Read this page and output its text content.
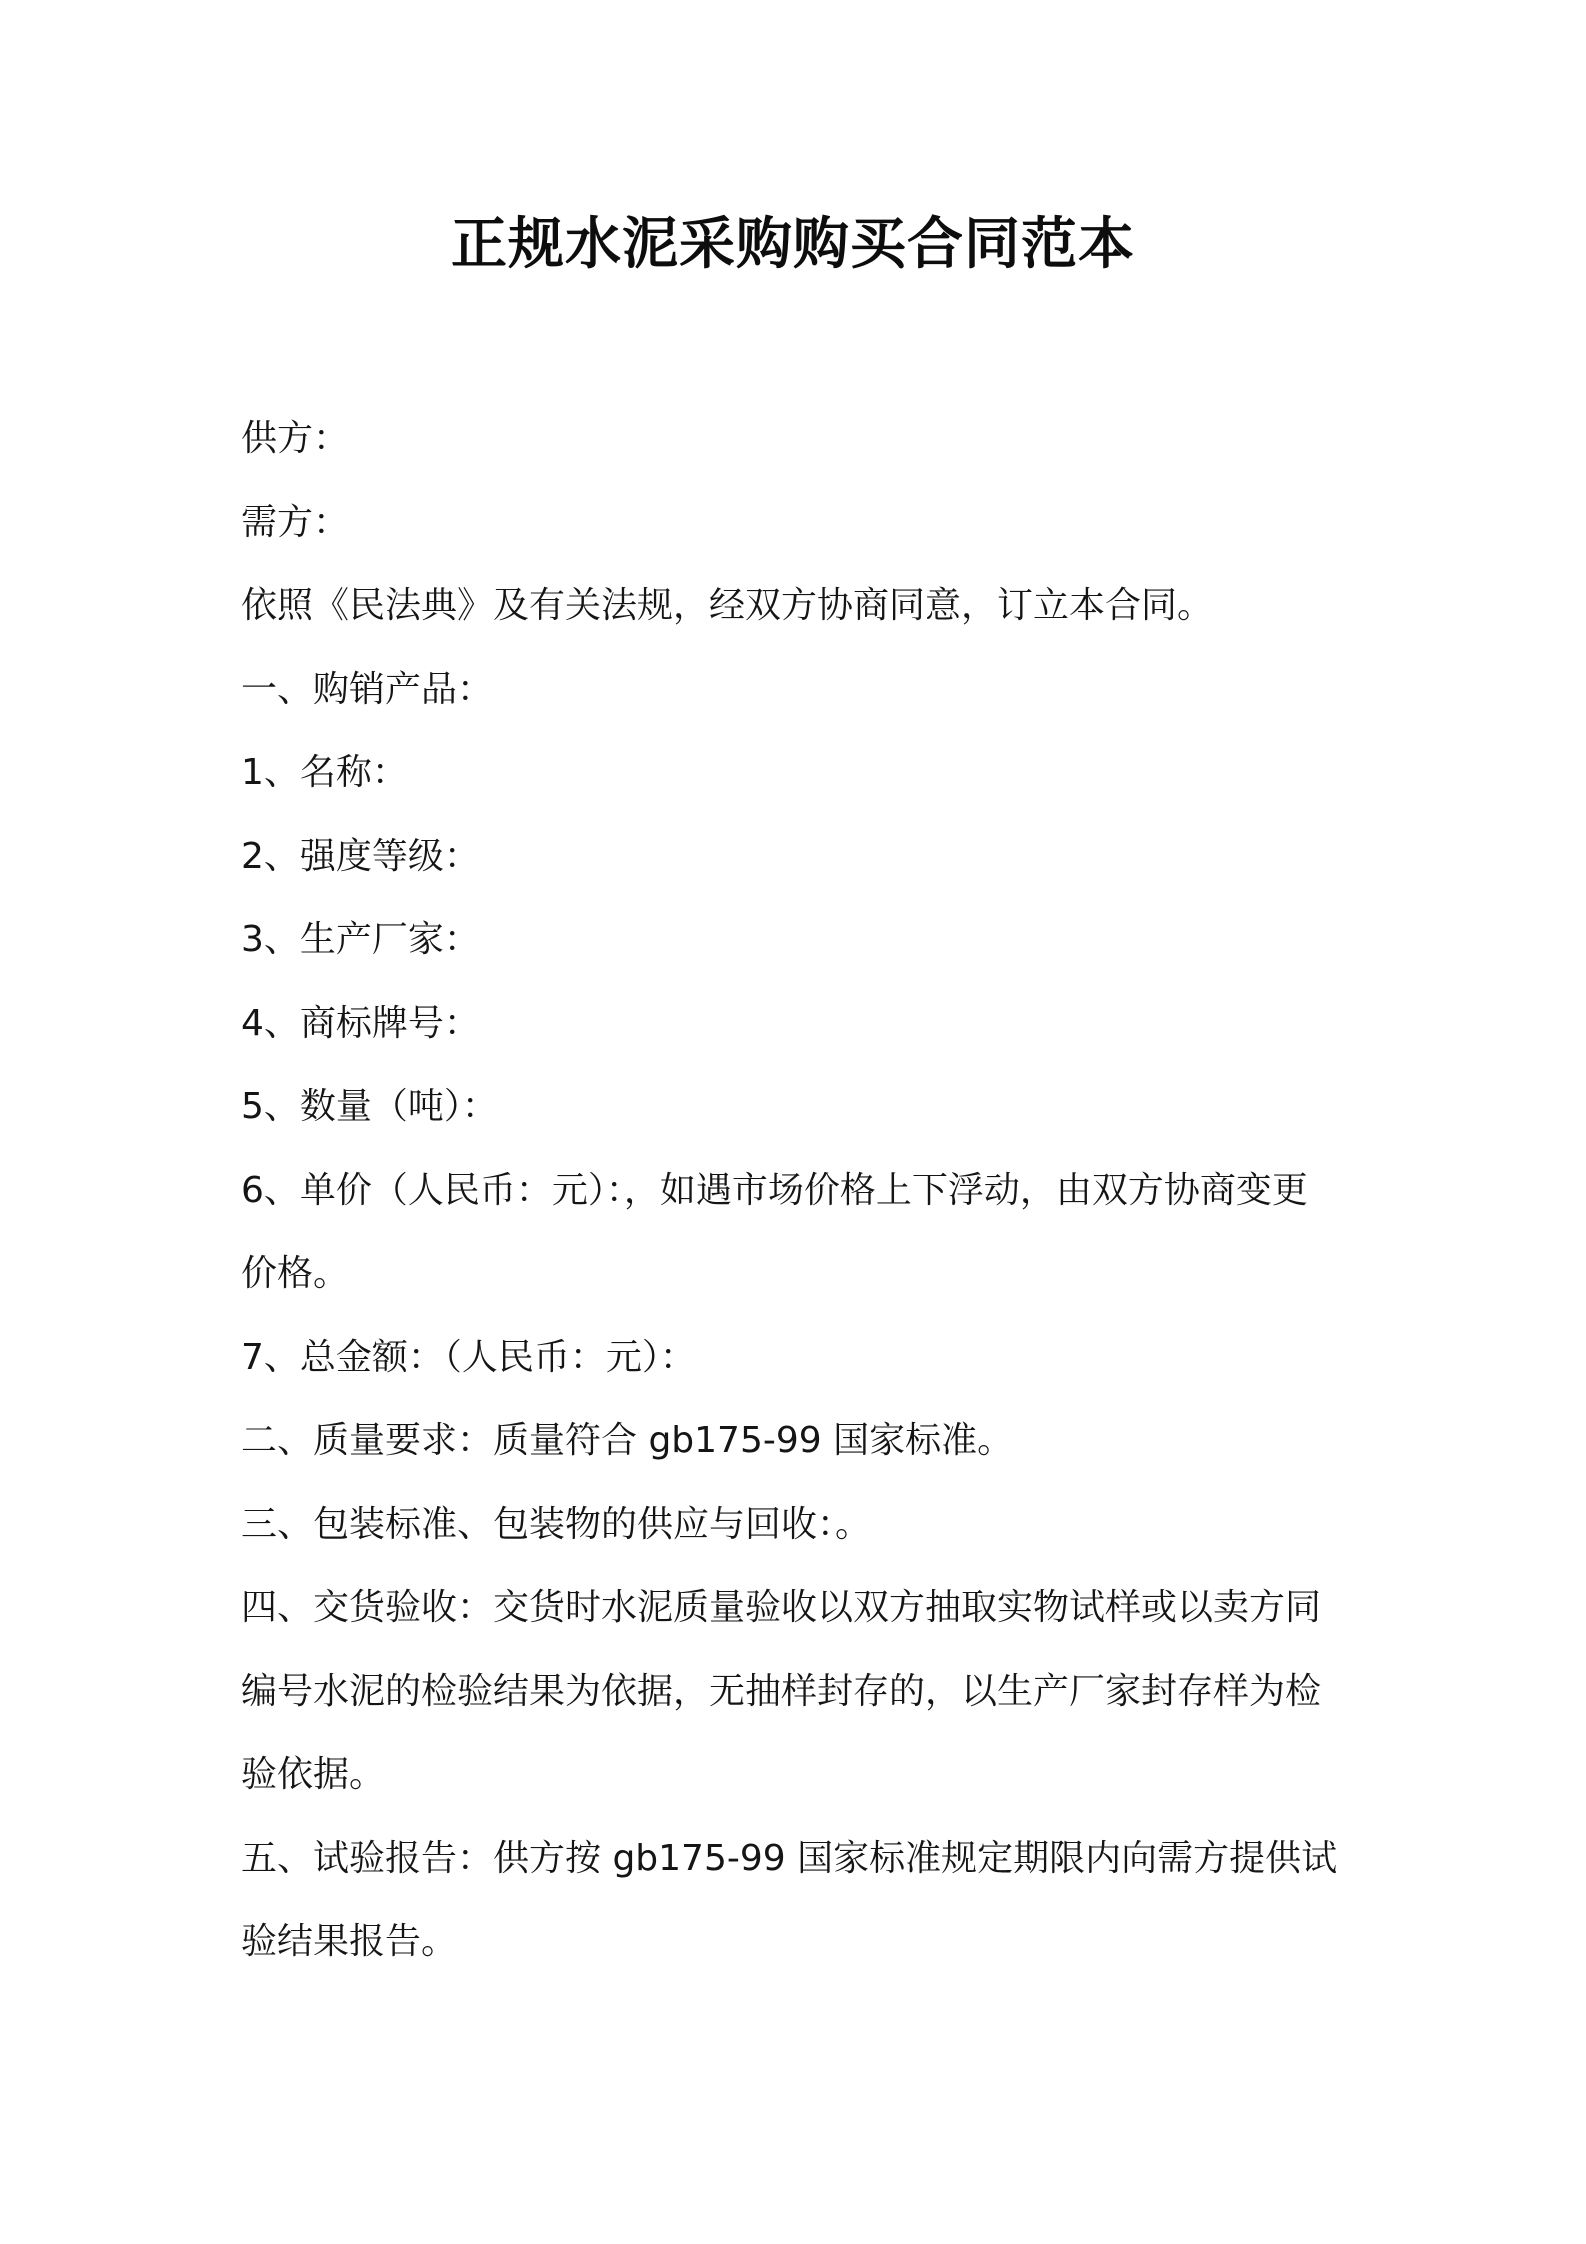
正规水泥采购购买合同范本

供方：

需方：

依照《民法典》及有关法规，经双方协商同意，订立本合同。

一、购销产品：

1、名称：

2、强度等级：

3、生产厂家：

4、商标牌号：

5、数量（吨）：

6、单价（人民币：元）：，如遇市场价格上下浮动，由双方协商变更
价格。

7、总金额：（人民币：元）：

二、质量要求：质量符合 gb175-99 国家标准。

三、包装标准、包装物的供应与回收：。

四、交货验收：交货时水泥质量验收以双方抽取实物试样或以卖方同
编号水泥的检验结果为依据，无抽样封存的，以生产厂家封存样为检
验依据。
五、试验报告：供方按 gb175-99 国家标准规定期限内向需方提供试
验结果报告。
